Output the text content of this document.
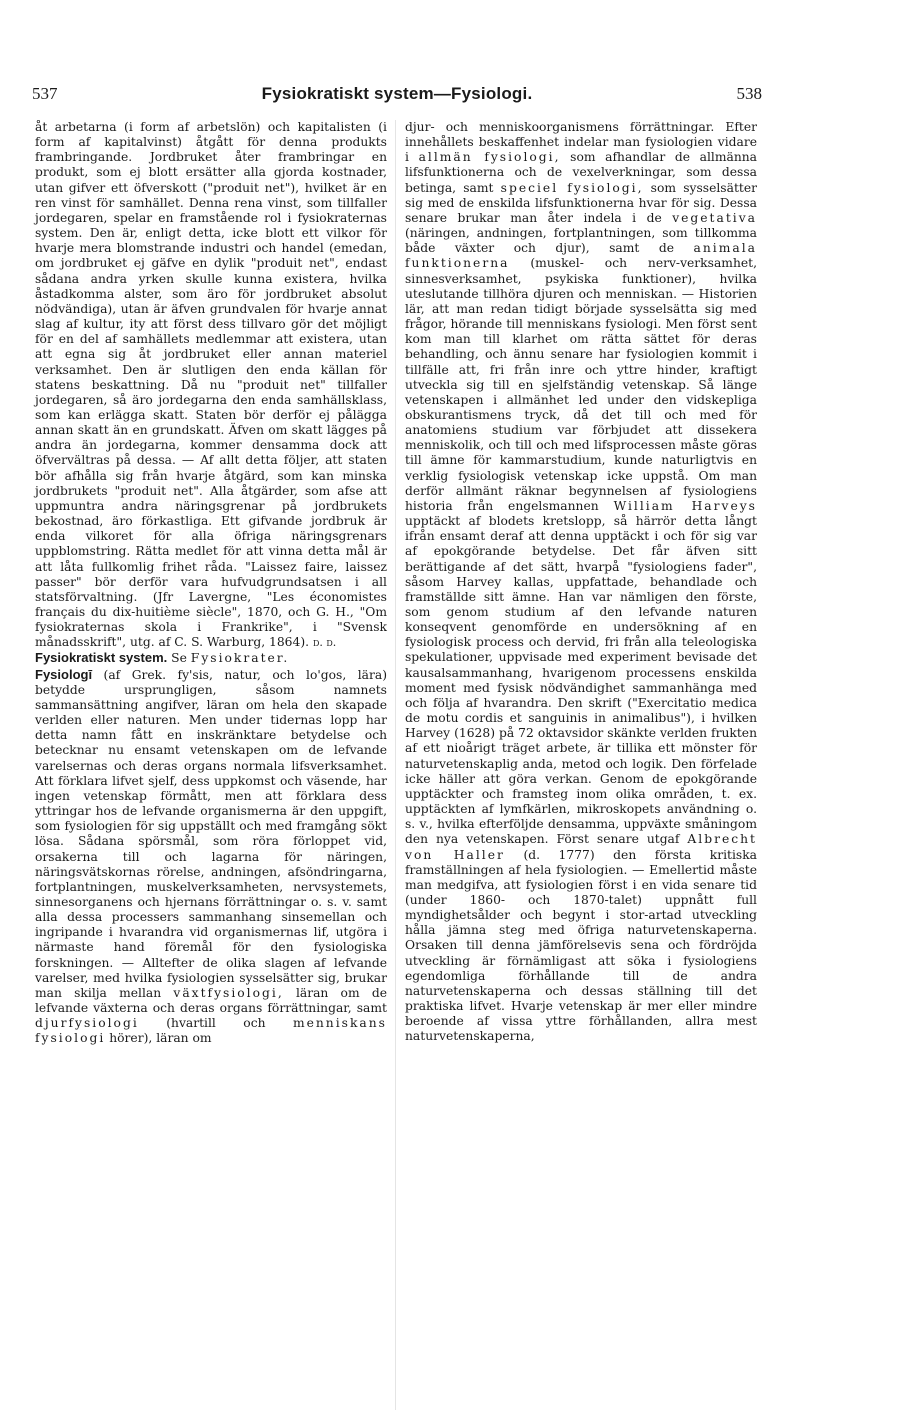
537	Fysiokratiskt system—Fysiologi.	538

åt arbetarna (i form af arbetslön) och kapitalisten (i form af kapitalvinst) åtgått för denna produkts frambringande. Jordbruket åter frambringar en produkt, som ej blott ersätter alla gjorda kostnader, utan gifver ett öfverskott ("produit net"), hvilket är en ren vinst för samhället. Denna rena vinst, som tillfaller jordegaren, spelar en framstående rol i fysiokraternas system. Den är, enligt detta, icke blott ett vilkor för hvarje mera blomstrande industri och handel (emedan, om jordbruket ej gäfve en dylik "produit net", endast sådana andra yrken skulle kunna existera, hvilka åstadkomma alster, som äro för jordbruket absolut nödvändiga), utan är äfven grundvalen för hvarje annat slag af kultur, ity att först dess tillvaro gör det möjligt för en del af samhällets medlemmar att existera, utan att egna sig åt jordbruket eller annan materiel verksamhet. Den är slutligen den enda källan för statens beskattning. Då nu "produit net" tillfaller jordegaren, så äro jordegarna den enda samhällsklass, som kan erlägga skatt. Staten bör derför ej pålägga annan skatt än en grundskatt. Äfven om skatt lägges på andra än jordegarna, kommer densamma dock att öfvervältras på dessa. — Af allt detta följer, att staten bör afhålla sig från hvarje åtgärd, som kan minska jordbrukets "produit net". Alla åtgärder, som afse att uppmuntra andra näringsgrenar på jordbrukets bekostnad, äro förkastliga. Ett gifvande jordbruk är enda vilkoret för alla öfriga näringsgrenars uppblomstring. Rätta medlet för att vinna detta mål är att låta fullkomlig frihet råda. "Laissez faire, laissez passer" bör derför vara hufvudgrundsatsen i all statsförvaltning. (Jfr Lavergne, "Les économistes français du dix-huitième siècle", 1870, och G. H., "Om fysiokraternas skola i Frankrike", i "Svensk månadsskrift", utg. af C. S. Warburg, 1864). d. d.

Fysiokratiskt system. Se Fysiokrater.

Fysiologī (af Grek. fy'sis, natur, och lo'gos, lära) betydde ursprungligen, såsom namnets sammansättning angifver, läran om hela den skapade verlden eller naturen. Men under tidernas lopp har detta namn fått en inskränktare betydelse och betecknar nu ensamt vetenskapen om de lefvande varelsernas och deras organs normala lifsverksamhet. Att förklara lifvet sjelf, dess uppkomst och väsende, har ingen vetenskap förmått, men att förklara dess yttringar hos de lefvande organismerna är den uppgift, som fysiologien för sig uppställt och med framgång sökt lösa. Sådana spörsmål, som röra förloppet vid, orsakerna till och lagarna för näringen, näringsvätskornas rörelse, andningen, afsöndringarna, fortplantningen, muskelverksamheten, nervsystemets, sinnesorganens och hjernans förrättningar o. s. v. samt alla dessa processers sammanhang sinsemellan och ingripande i hvarandra vid organismernas lif, utgöra i närmaste hand föremål för den fysiologiska forskningen. — Alltefter de olika slagen af lefvande varelser, med hvilka fysiologien sysselsätter sig, brukar man skilja mellan växtfysiologi, läran om de lefvande växterna och deras organs förrättningar, samt djurfysiologi (hvartill och menniskans fysiologi hörer), läran om

djur- och menniskoorganismens förrättningar. Efter innehållets beskaffenhet indelar man fysiologien vidare i allmän fysiologi, som afhandlar de allmänna lifsfunktionerna och de vexelverkningar, som dessa betinga, samt speciel fysiologi, som sysselsätter sig med de enskilda lifsfunktionerna hvar för sig. Dessa senare brukar man åter indela i de vegetativa (näringen, andningen, fortplantningen, som tillkomma både växter och djur), samt de animala funktionerna (muskel- och nerv-verksamhet, sinnesverksamhet, psykiska funktioner), hvilka uteslutande tillhöra djuren och menniskan. — Historien lär, att man redan tidigt började sysselsätta sig med frågor, hörande till menniskans fysiologi. Men först sent kom man till klarhet om rätta sättet för deras behandling, och ännu senare har fysiologien kommit i tillfälle att, fri från inre och yttre hinder, kraftigt utveckla sig till en sjelfständig vetenskap. Så länge vetenskapen i allmänhet led under den vidskepliga obskurantismens tryck, då det till och med för anatomiens studium var förbjudet att dissekera menniskolik, och till och med lifsprocessen måste göras till ämne för kammarstudium, kunde naturligtvis en verklig fysiologisk vetenskap icke uppstå. Om man derför allmänt räknar begynnelsen af fysiologiens historia från engelsmannen William Harveys upptäckt af blodets kretslopp, så härrör detta långt ifrån ensamt deraf att denna upptäckt i och för sig var af epokgörande betydelse. Det får äfven sitt berättigande af det sätt, hvarpå "fysiologiens fader", såsom Harvey kallas, uppfattade, behandlade och framställde sitt ämne. Han var nämligen den förste, som genom studium af den lefvande naturen konseqvent genomförde en undersökning af en fysiologisk process och dervid, fri från alla teleologiska spekulationer, uppvisade med experiment bevisade det kausalsammanhang, hvarigenom processens enskilda moment med fysisk nödvändighet sammanhänga med och följa af hvarandra. Den skrift ("Exercitatio medica de motu cordis et sanguinis in animalibus"), i hvilken Harvey (1628) på 72 oktavsidor skänkte verlden frukten af ett nioårigt träget arbete, är tillika ett mönster för naturvetenskaplig anda, metod och logik. Den förfelade icke häller att göra verkan. Genom de epokgörande upptäckter och framsteg inom olika områden, t. ex. upptäckten af lymfkärlen, mikroskopets användning o. s. v., hvilka efterföljde densamma, uppväxte småningom den nya vetenskapen. Först senare utgaf Albrecht von Haller (d. 1777) den första kritiska framställningen af hela fysiologien. — Emellertid måste man medgifva, att fysiologien först i en vida senare tid (under 1860- och 1870-talet) uppnått full myndighetsålder och begynt i stor-artad utveckling hålla jämna steg med öfriga naturvetenskaperna. Orsaken till denna jämförelsevis sena och fördröjda utveckling är förnämligast att söka i fysiologiens egendomliga förhållande till de andra naturvetenskaperna och dessas ställning till det praktiska lifvet. Hvarje vetenskap är mer eller mindre beroende af vissa yttre förhållanden, allra mest naturvetenskaperna,
